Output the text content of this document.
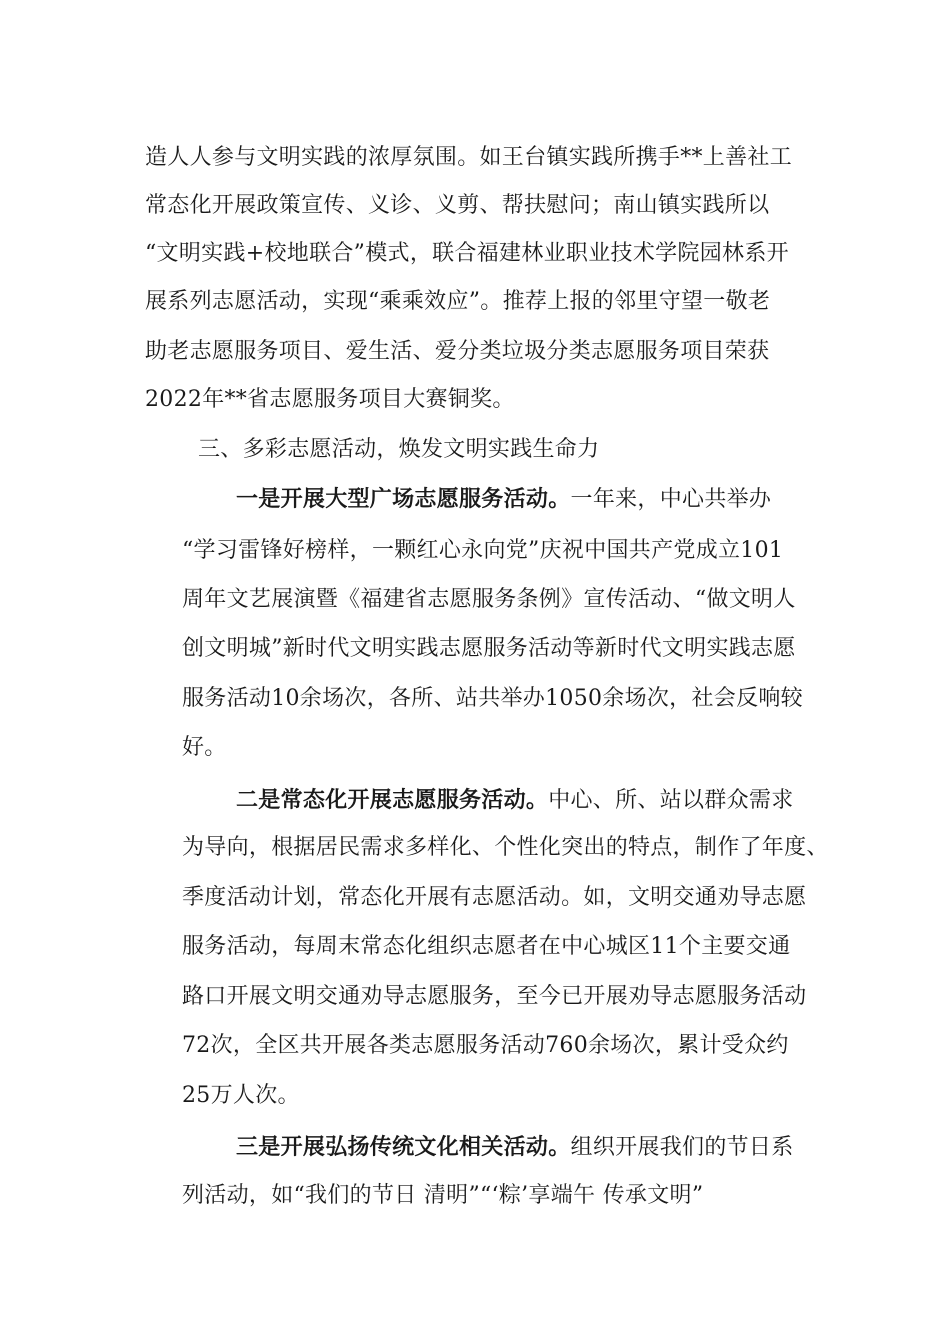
造人人参与文明实践的浓厚氛围。如王台镇实践所携手**上善社工
常态化开展政策宣传、义诊、义剪、帮扶慰问；南山镇实践所以
“文明实践+校地联合”模式，联合福建林业职业技术学院园林系开
展系列志愿活动，实现“乘乘效应”。推荐上报的邻里守望一敬老
助老志愿服务项目、爱生活、爱分类垃圾分类志愿服务项目荣获
2022年**省志愿服务项目大赛铜奖。
三、多彩志愿活动，焕发文明实践生命力
一是开展大型广场志愿服务活动。一年来，中心共举办
“学习雷锋好榜样，一颗红心永向党”庆祝中国共产党成立101
周年文艺展演暨《福建省志愿服务条例》宣传活动、“做文明人
创文明城”新时代文明实践志愿服务活动等新时代文明实践志愿
服务活动10余场次，各所、站共举办1050余场次，社会反响较
好。
二是常态化开展志愿服务活动。中心、所、站以群众需求
为导向，根据居民需求多样化、个性化突出的特点，制作了年度、
季度活动计划，常态化开展有志愿活动。如，文明交通劝导志愿
服务活动，每周末常态化组织志愿者在中心城区11个主要交通
路口开展文明交通劝导志愿服务，至今已开展劝导志愿服务活动
72次，全区共开展各类志愿服务活动760余场次，累计受众约
25万人次。
三是开展弘扬传统文化相关活动。组织开展我们的节日系
列活动，如“我们的节日 清明”“‘粽’享端午 传承文明”
